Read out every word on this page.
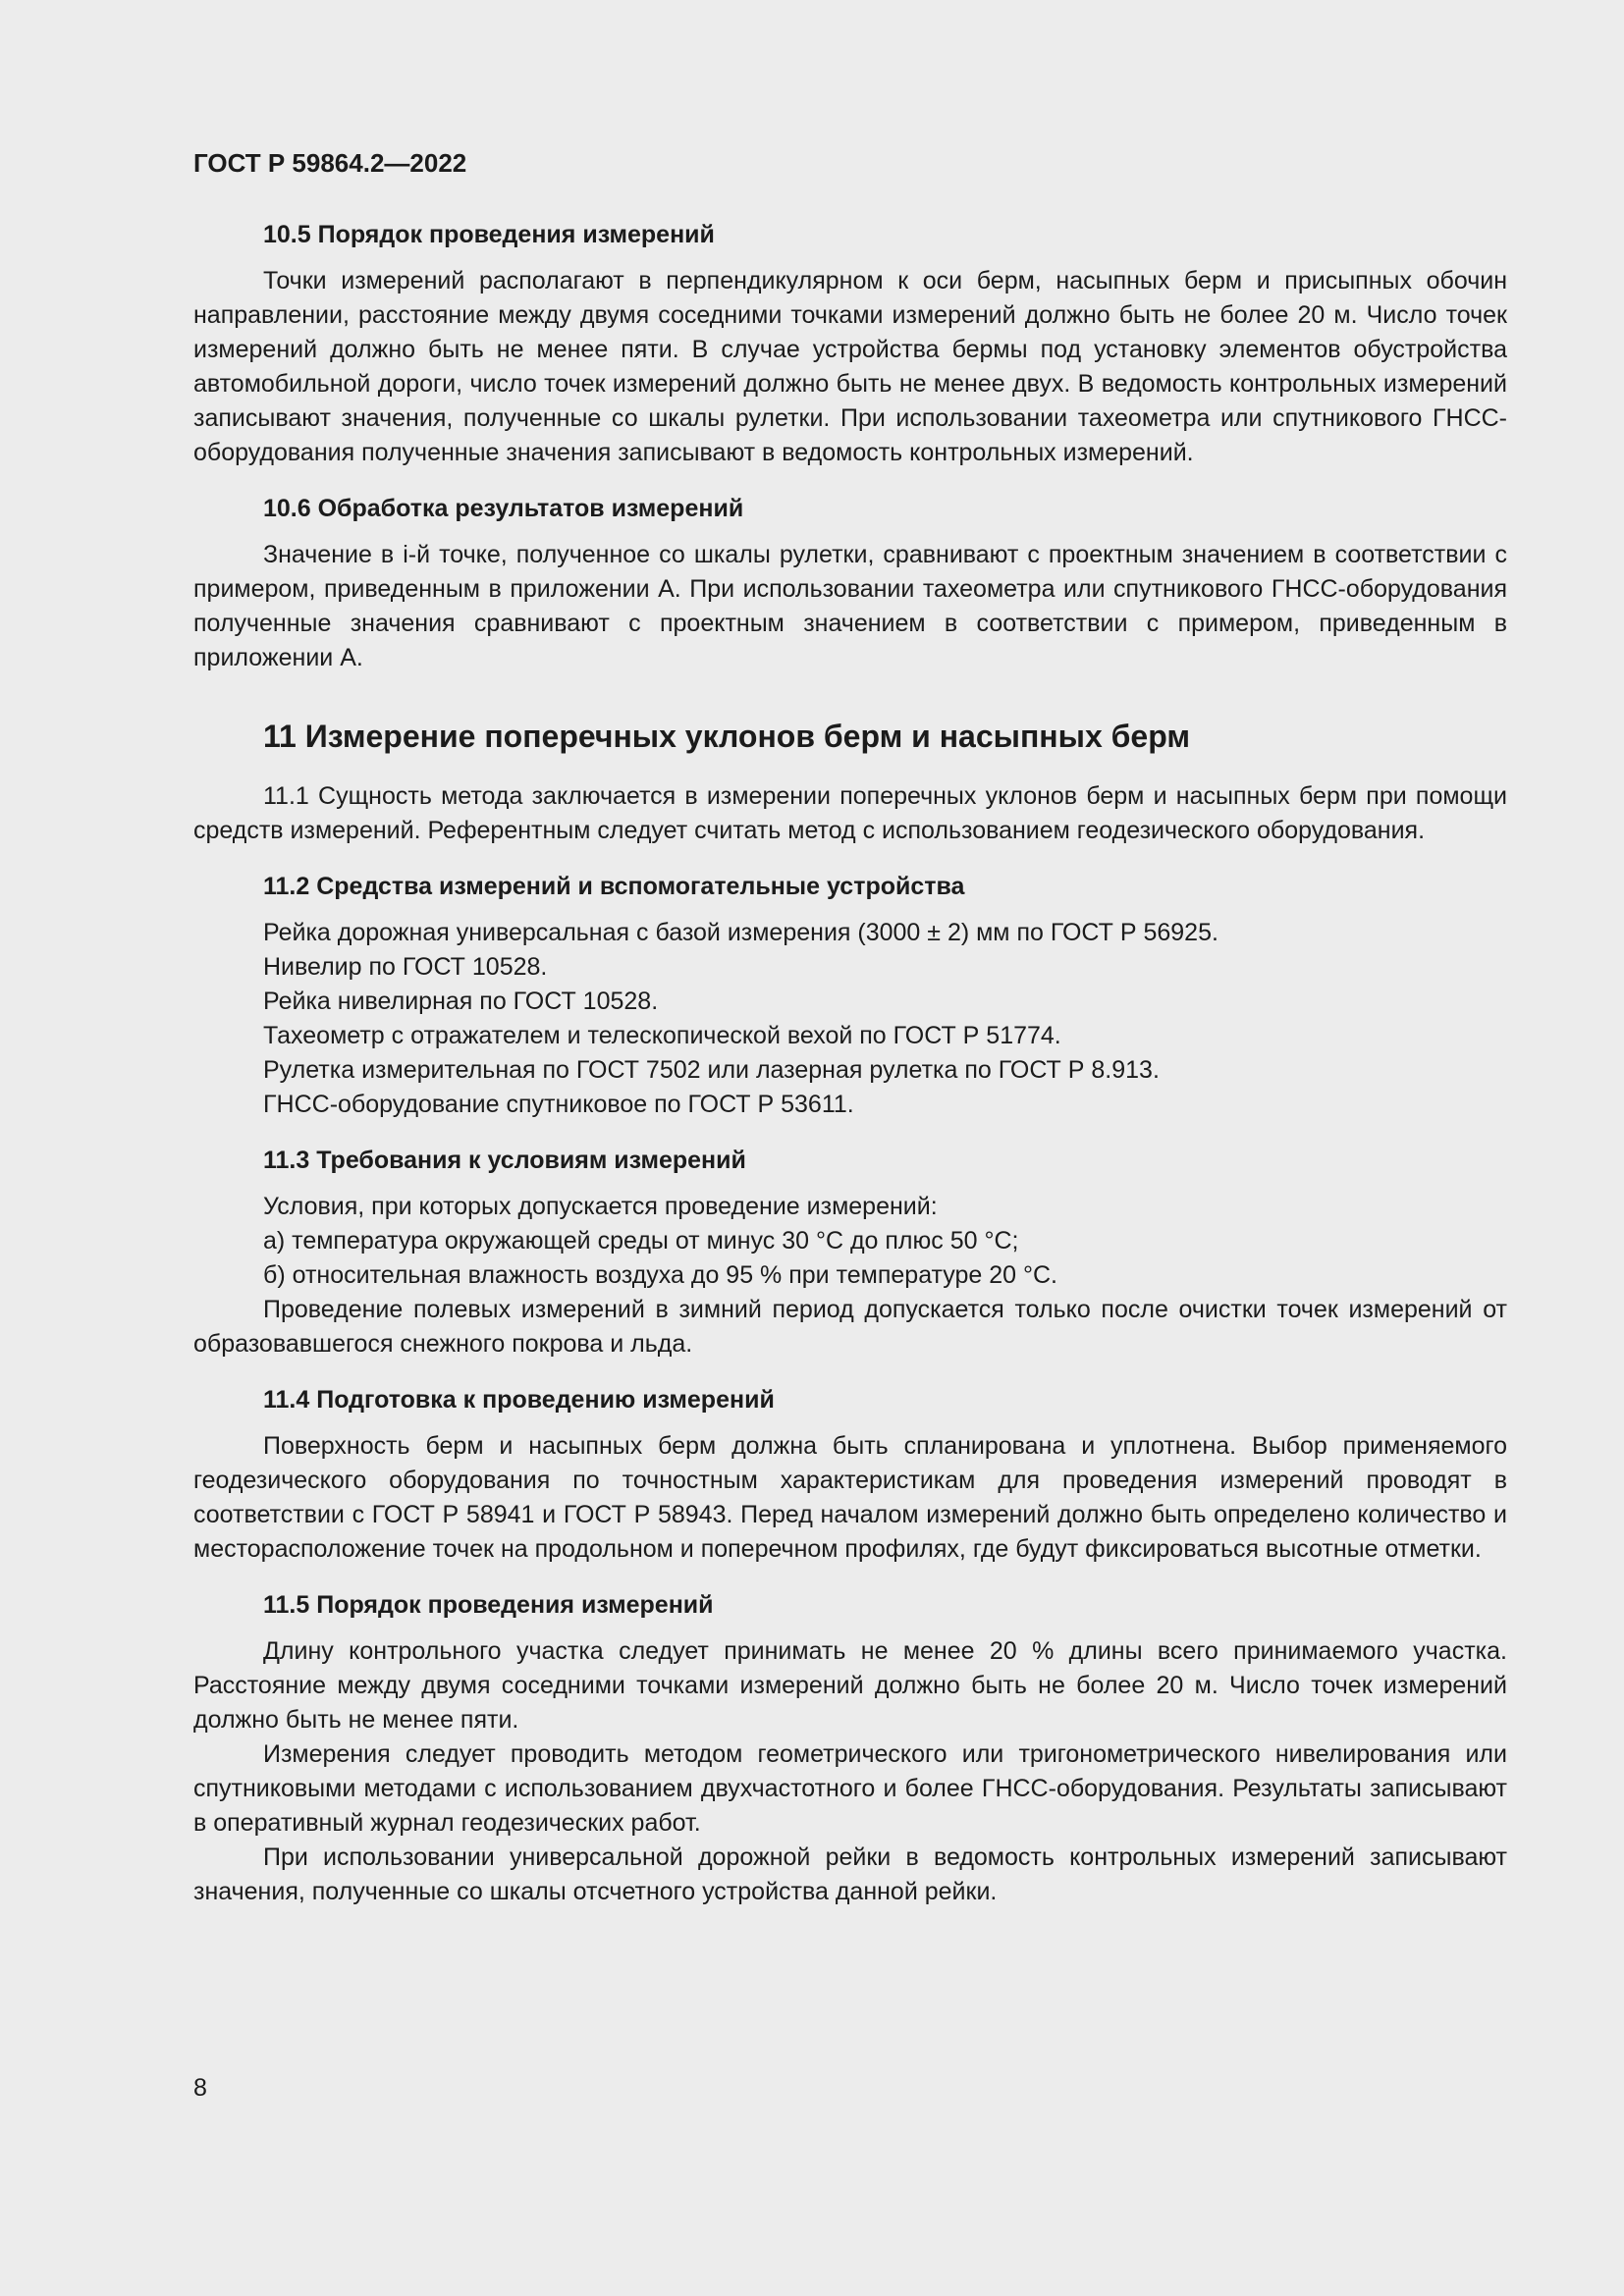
ГОСТ Р 59864.2—2022
10.5 Порядок проведения измерений

Точки измерений располагают в перпендикулярном к оси берм, насыпных берм и присыпных обочин направлении, расстояние между двумя соседними точками измерений должно быть не более 20 м. Число точек измерений должно быть не менее пяти. В случае устройства бермы под установку элементов обустройства автомобильной дороги, число точек измерений должно быть не менее двух. В ведомость контрольных измерений записывают значения, полученные со шкалы рулетки. При использовании тахеометра или спутникового ГНСС-оборудования полученные значения записывают в ведомость контрольных измерений.

10.6 Обработка результатов измерений

Значение в i-й точке, полученное со шкалы рулетки, сравнивают с проектным значением в соответствии с примером, приведенным в приложении А. При использовании тахеометра или спутникового ГНСС-оборудования полученные значения сравнивают с проектным значением в соответствии с примером, приведенным в приложении А.

11 Измерение поперечных уклонов берм и насыпных берм

11.1 Сущность метода заключается в измерении поперечных уклонов берм и насыпных берм при помощи средств измерений. Референтным следует считать метод с использованием геодезического оборудования.

11.2 Средства измерений и вспомогательные устройства

Рейка дорожная универсальная с базой измерения (3000 ± 2) мм по ГОСТ Р 56925.

Нивелир по ГОСТ 10528.

Рейка нивелирная по ГОСТ 10528.

Тахеометр с отражателем и телескопической вехой по ГОСТ Р 51774.

Рулетка измерительная по ГОСТ 7502 или лазерная рулетка по ГОСТ Р 8.913.

ГНСС-оборудование спутниковое по ГОСТ Р 53611.

11.3 Требования к условиям измерений

Условия, при которых допускается проведение измерений:

а) температура окружающей среды от минус 30 °С до плюс 50 °С;

б) относительная влажность воздуха до 95 % при температуре 20 °С.

Проведение полевых измерений в зимний период допускается только после очистки точек измерений от образовавшегося снежного покрова и льда.

11.4 Подготовка к проведению измерений

Поверхность берм и насыпных берм должна быть спланирована и уплотнена. Выбор применяемого геодезического оборудования по точностным характеристикам для проведения измерений проводят в соответствии с ГОСТ Р 58941 и ГОСТ Р 58943. Перед началом измерений должно быть определено количество и месторасположение точек на продольном и поперечном профилях, где будут фиксироваться высотные отметки.

11.5 Порядок проведения измерений

Длину контрольного участка следует принимать не менее 20 % длины всего принимаемого участка. Расстояние между двумя соседними точками измерений должно быть не более 20 м. Число точек измерений должно быть не менее пяти.

Измерения следует проводить методом геометрического или тригонометрического нивелирования или спутниковыми методами с использованием двухчастотного и более ГНСС-оборудования. Результаты записывают в оперативный журнал геодезических работ.

При использовании универсальной дорожной рейки в ведомость контрольных измерений записывают значения, полученные со шкалы отсчетного устройства данной рейки.

8
